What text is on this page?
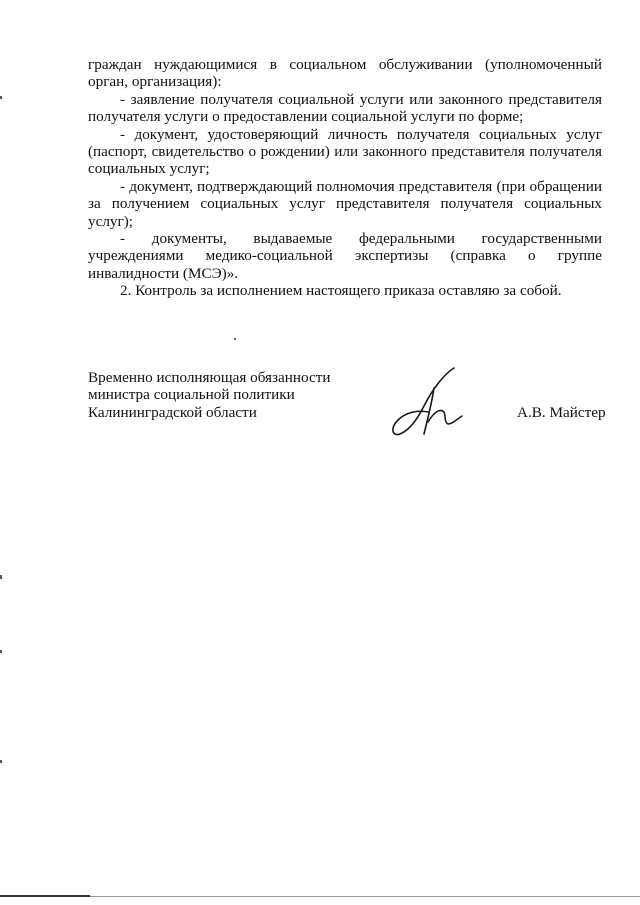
граждан нуждающимися в социальном обслуживании (уполномоченный орган, организация):

- заявление получателя социальной услуги или законного представителя получателя услуги о предоставлении социальной услуги по форме;

- документ, удостоверяющий личность получателя социальных услуг (паспорт, свидетельство о рождении) или законного представителя получателя социальных услуг;

- документ, подтверждающий полномочия представителя (при обращении за получением социальных услуг представителя получателя социальных услуг);

- документы, выдаваемые федеральными государственными учреждениями медико-социальной экспертизы (справка о группе инвалидности (МСЭ)».

2. Контроль за исполнением настоящего приказа оставляю за собой.

Временно исполняющая обязанности
министра социальной политики
Калининградской области	А.В. Майстер
